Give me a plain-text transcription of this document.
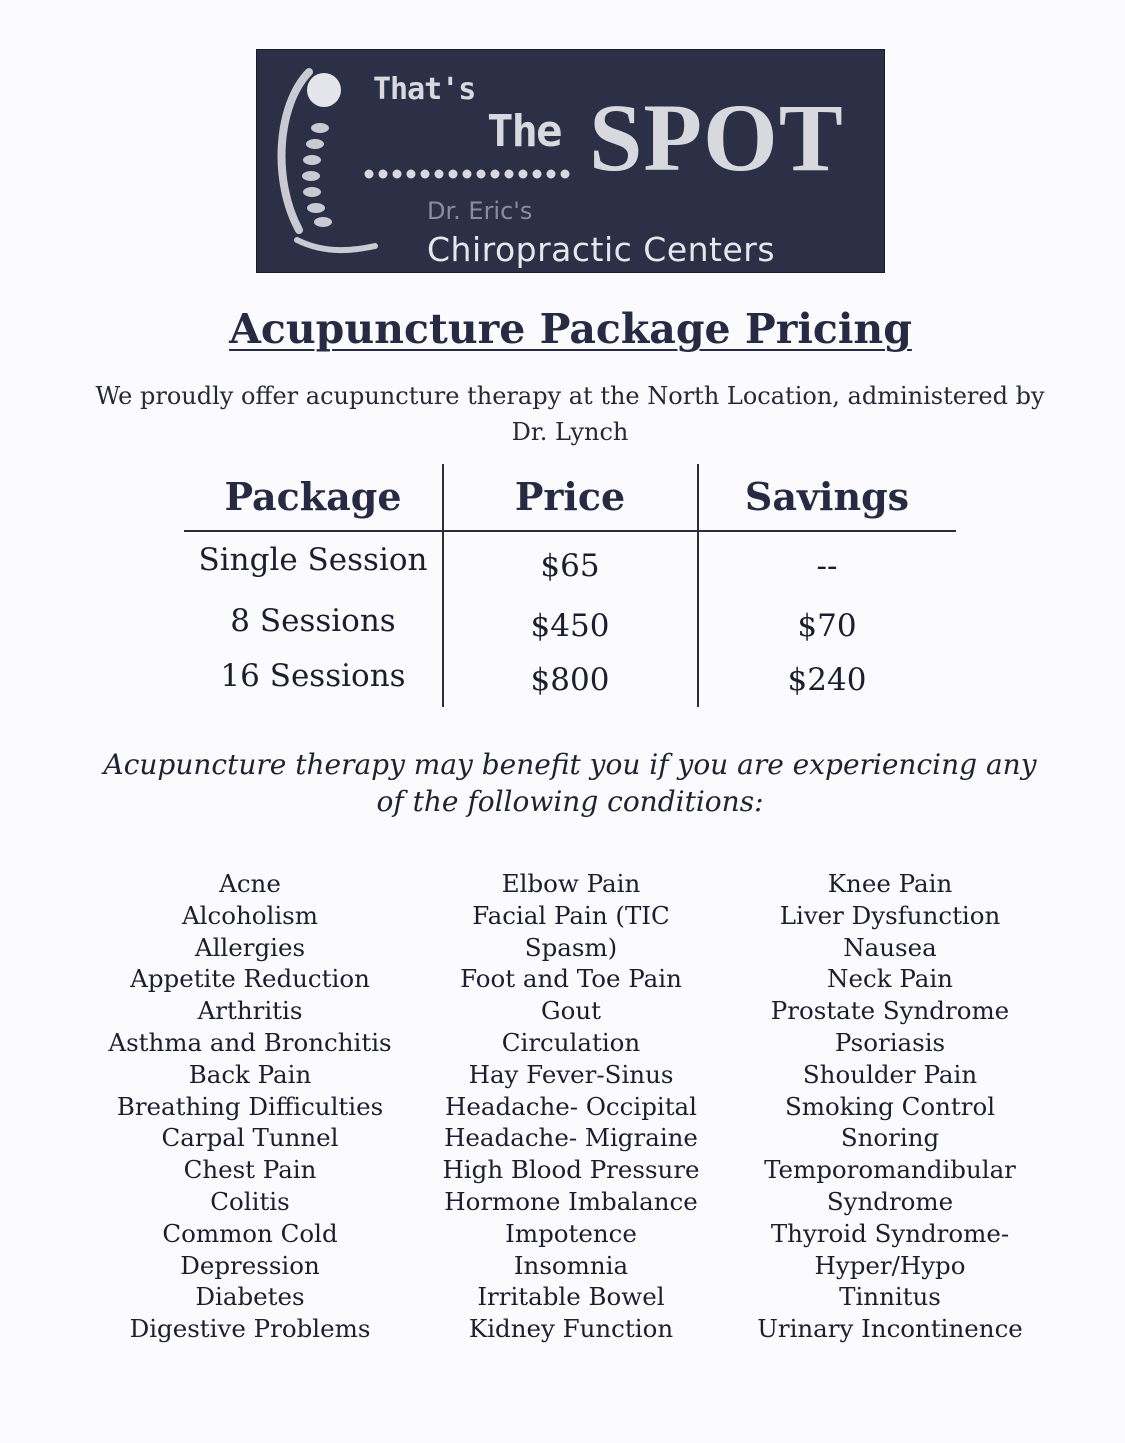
That's
The SPOT
Dr. Eric's
Chiropractic Centers
Acupuncture Package Pricing
We proudly offer acupuncture therapy at the North Location, administered by Dr. Lynch
Package	Price	Savings
Single Session	$65	--
8 Sessions	$450	$70
16 Sessions	$800	$240
Acupuncture therapy may benefit you if you are experiencing any of the following conditions:
Acne
Alcoholism
Allergies
Appetite Reduction
Arthritis
Asthma and Bronchitis
Back Pain
Breathing Difficulties
Carpal Tunnel
Chest Pain
Colitis
Common Cold
Depression
Diabetes
Digestive Problems
Elbow Pain
Facial Pain (TIC
Spasm)
Foot and Toe Pain
Gout
Circulation
Hay Fever-Sinus
Headache- Occipital
Headache- Migraine
High Blood Pressure
Hormone Imbalance
Impotence
Insomnia
Irritable Bowel
Kidney Function
Knee Pain
Liver Dysfunction
Nausea
Neck Pain
Prostate Syndrome
Psoriasis
Shoulder Pain
Smoking Control
Snoring
Temporomandibular
Syndrome
Thyroid Syndrome-
Hyper/Hypo
Tinnitus
Urinary Incontinence
